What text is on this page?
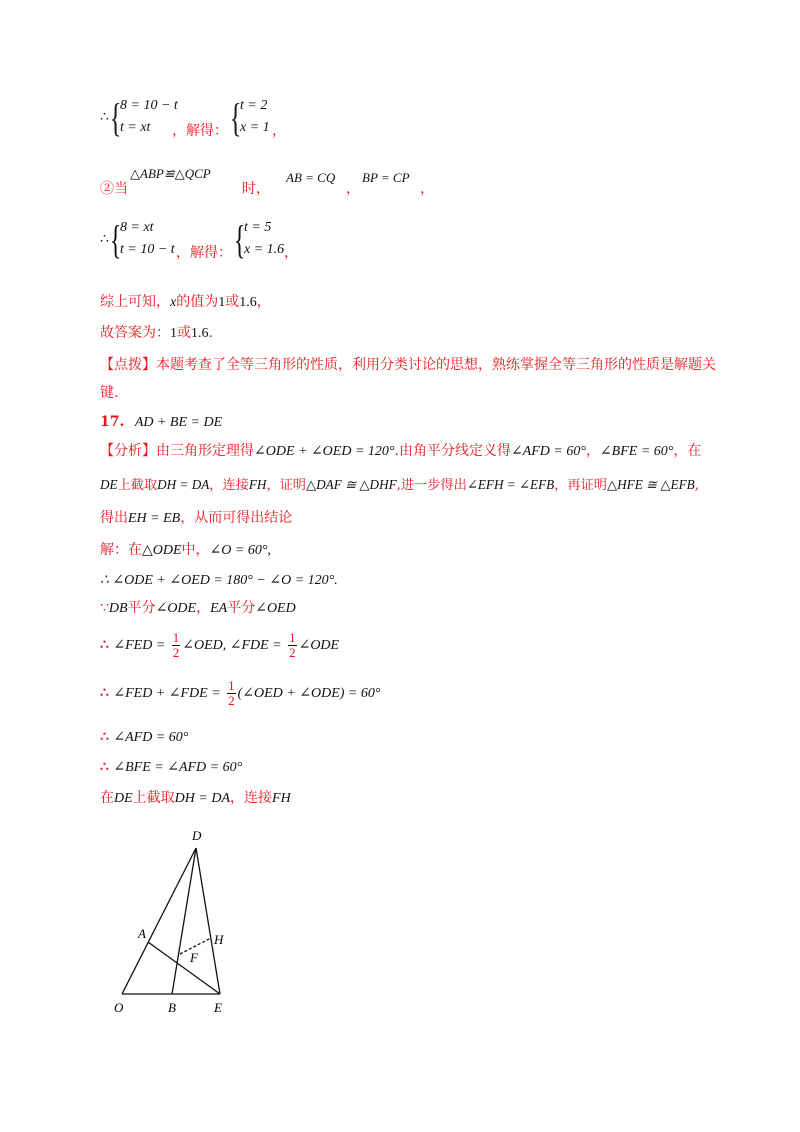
∴ {
8 = 10 − t
t = xt ，解得： {
t = 2
x = 1 ，
②当
△ABP≌△QCP
时，
AB = CQ
，
BP = CP
，
∴ {
8 = xt
t = 10 − t ，解得： {
t = 5
x = 1.6 ，
综上可知，x的值为1或1.6，
故答案为：1或1.6.
【点拨】本题考查了全等三角形的性质，利用分类讨论的思想，熟练掌握全等三角形的性质是解题关
键.
17. AD + BE = DE
【分析】由三角形定理得∠ODE + ∠OED = 120°.由角平分线定义得∠AFD = 60°，∠BFE = 60°，在
DE上截取DH = DA，连接FH，证明△DAF ≅ △DHF,进一步得出∠EFH = ∠EFB，再证明△HFE ≅ △EFB,
得出EH = EB，从而可得出结论
解：在△ODE中，∠O = 60°,
∴ ∠ODE + ∠OED = 180° − ∠O = 120°.
∵DB平分∠ODE，EA平分∠OED
∴ ∠FED = $\frac{1}{2}$ ∠OED, ∠FDE = $\frac{1}{2}$ ∠ODE
∴ ∠FED + ∠FDE = $\frac{1}{2}$ (∠OED + ∠ODE) = 60°
∴ ∠AFD = 60°
∴ ∠BFE = ∠AFD = 60°
在DE上截取DH = DA，连接FH
D
A	H
F
O	B	E
